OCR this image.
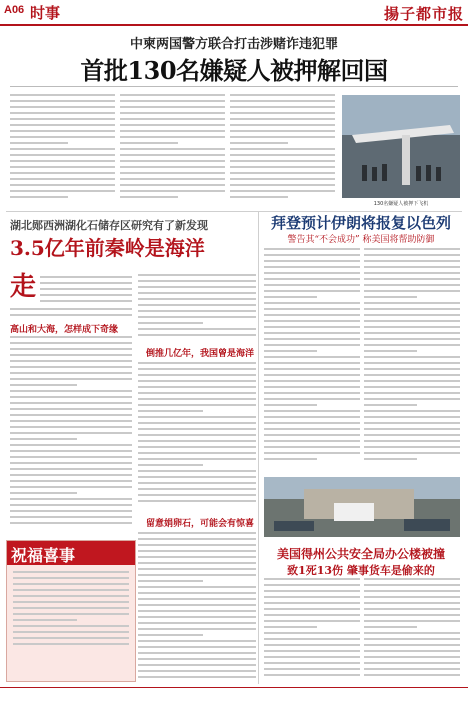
A06 时事	揚子都市报
中柬两国警方联合打击涉赌诈违犯罪
首批130名嫌疑人被押解回国
130名嫌疑人被押下飞机
湖北郧西洲湖化石储存区研究有了新发现
3.5亿年前秦岭是海洋
走
高山和大海，怎样成下奇缘
倒推几亿年，我国曾是海洋
留意娟卵石，可能会有惊喜
祝福喜事
拜登预计伊朗将报复以色列
警告其“不会成功” 称美国将帮助防御
美国得州公共安全局办公楼被撞
致1死13伤 肇事货车是偷来的
